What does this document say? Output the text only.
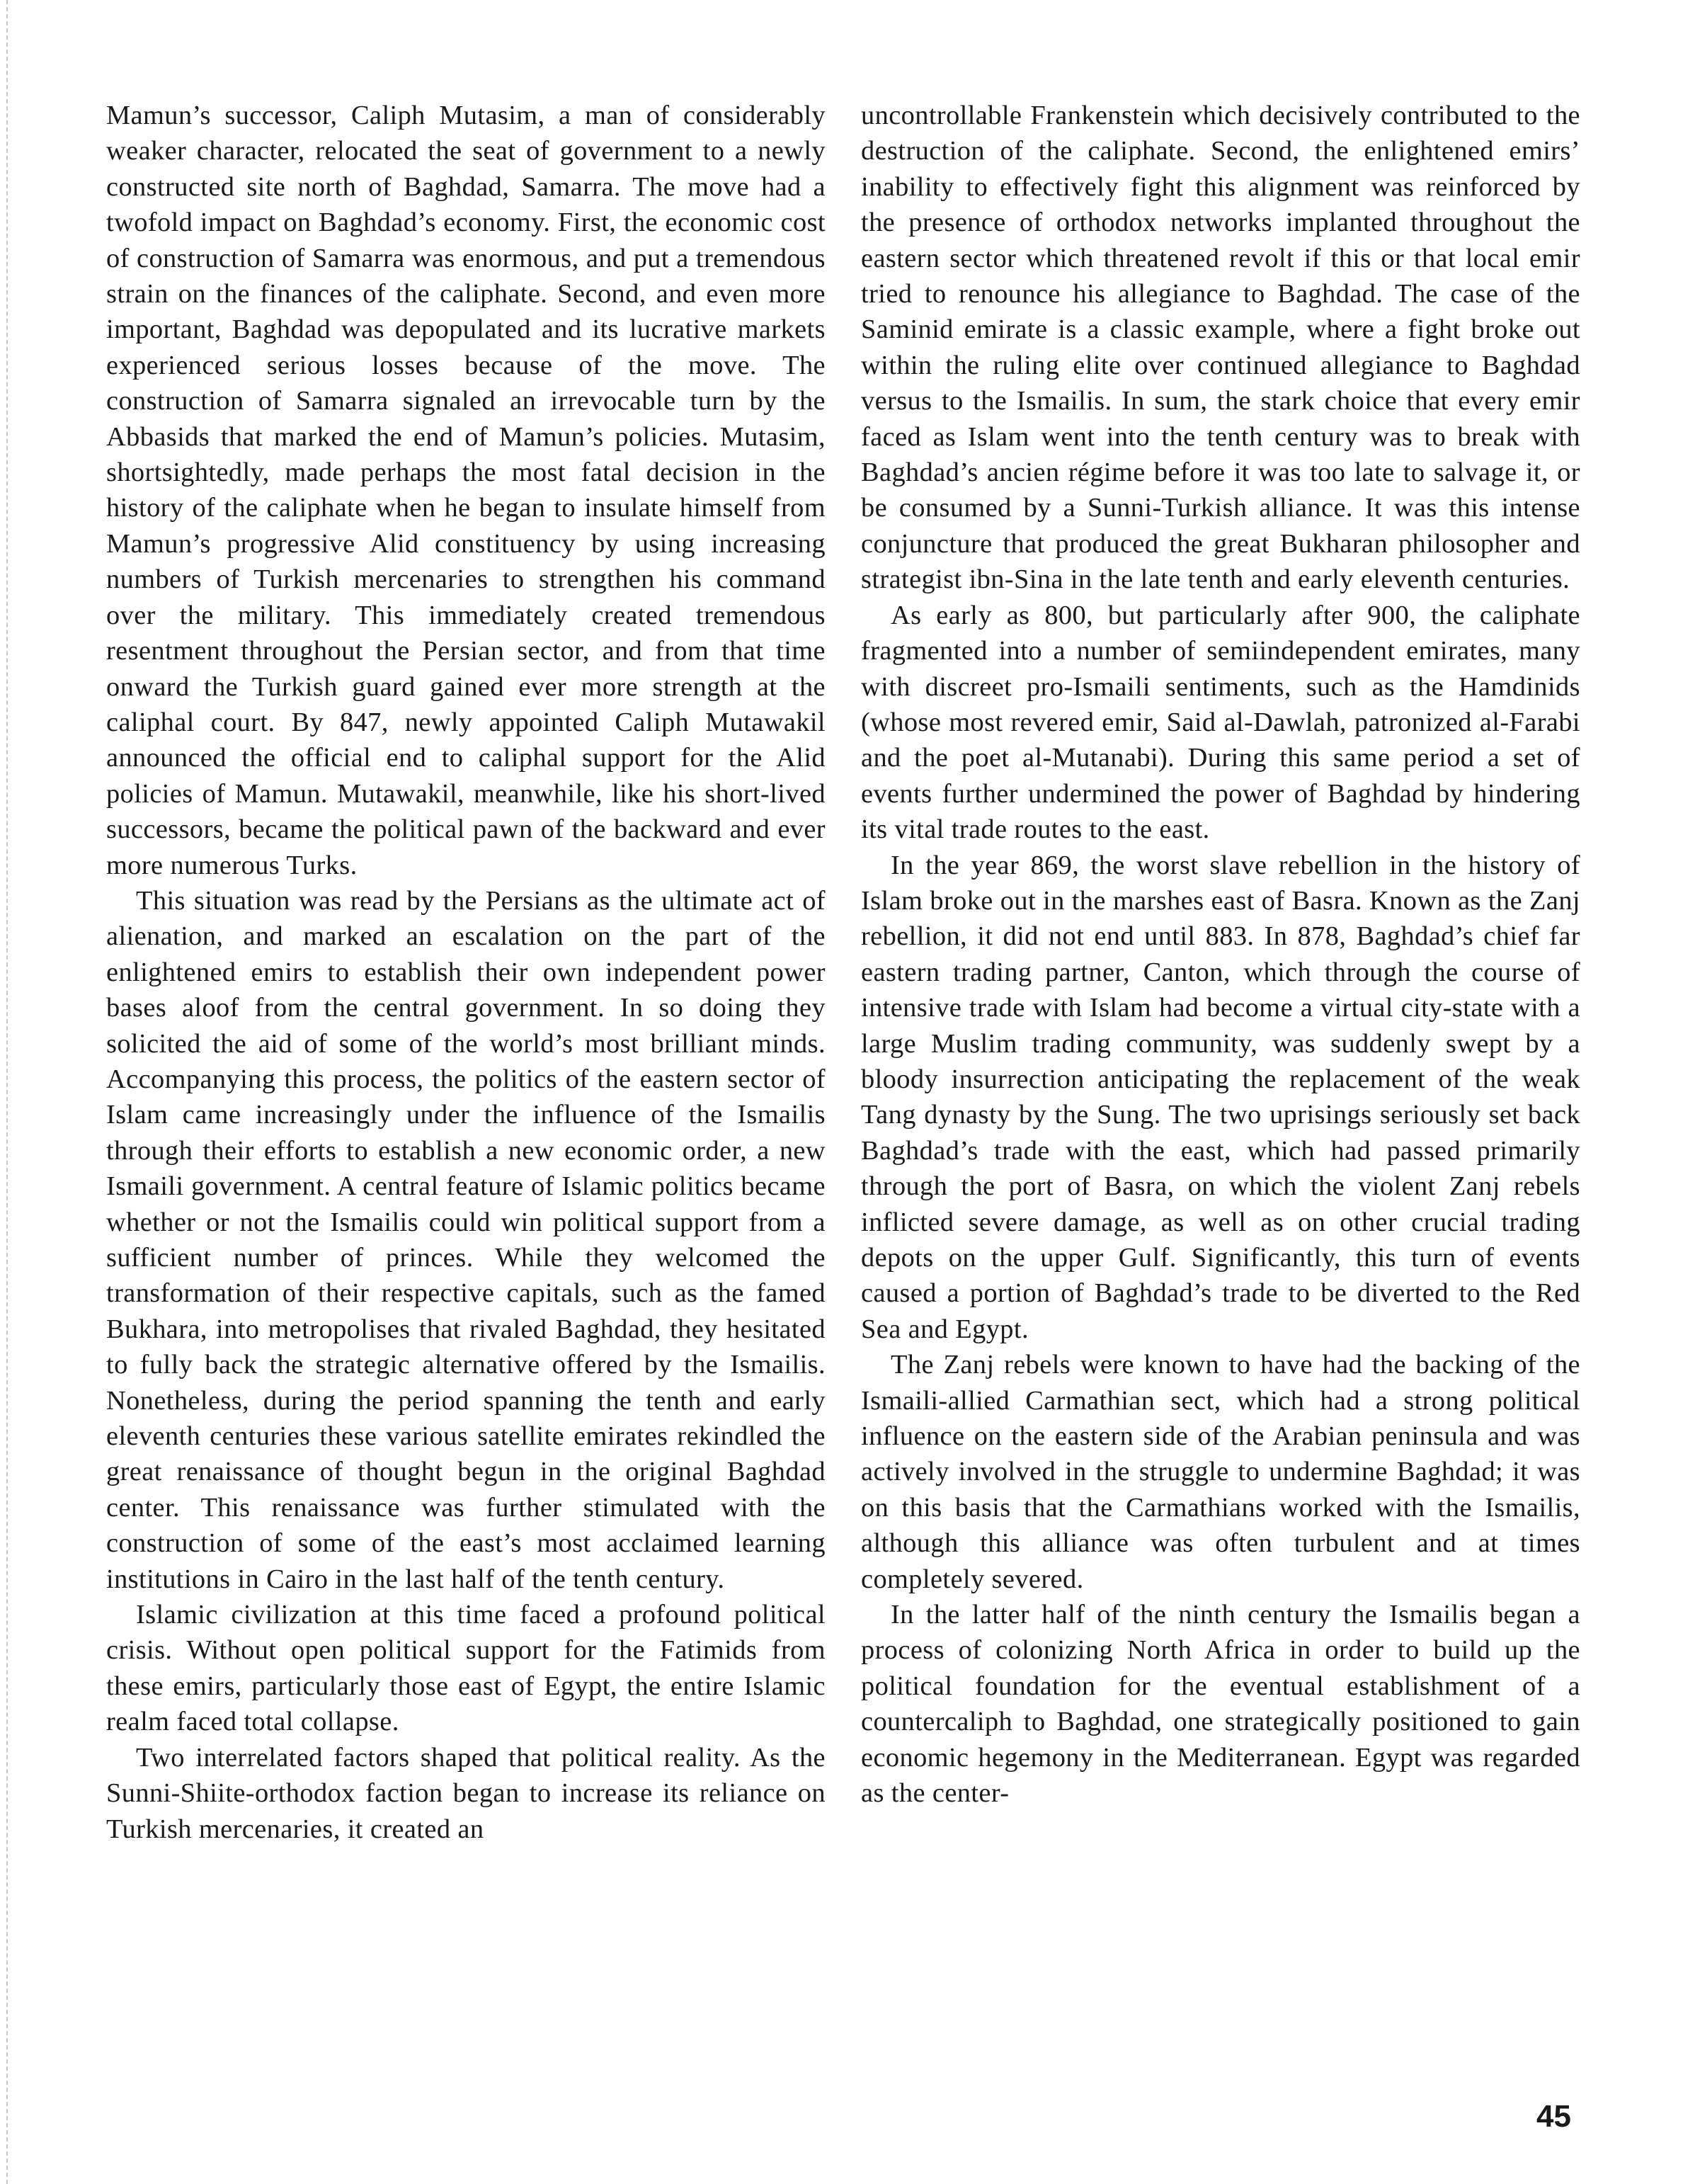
Mamun’s successor, Caliph Mutasim, a man of considerably weaker character, relocated the seat of government to a newly constructed site north of Baghdad, Samarra. The move had a twofold impact on Baghdad’s economy. First, the economic cost of construction of Samarra was enormous, and put a tremendous strain on the finances of the caliphate. Second, and even more important, Baghdad was depopulated and its lucrative markets experienced serious losses because of the move. The construction of Samarra signaled an irrevocable turn by the Abbasids that marked the end of Mamun’s policies. Mutasim, shortsightedly, made perhaps the most fatal decision in the history of the caliphate when he began to insulate himself from Mamun’s progressive Alid constituency by using increasing numbers of Turkish mercenaries to strengthen his command over the military. This immediately created tremendous resentment throughout the Persian sector, and from that time onward the Turkish guard gained ever more strength at the caliphal court. By 847, newly appointed Caliph Mutawakil announced the official end to caliphal support for the Alid policies of Mamun. Mutawakil, meanwhile, like his short-lived successors, became the political pawn of the backward and ever more numerous Turks.

This situation was read by the Persians as the ultimate act of alienation, and marked an escalation on the part of the enlightened emirs to establish their own independent power bases aloof from the central government. In so doing they solicited the aid of some of the world’s most brilliant minds. Accompanying this process, the politics of the eastern sector of Islam came increasingly under the influence of the Ismailis through their efforts to establish a new economic order, a new Ismaili government. A central feature of Islamic politics became whether or not the Ismailis could win political support from a sufficient number of princes. While they welcomed the transformation of their respective capitals, such as the famed Bukhara, into metropolises that rivaled Baghdad, they hesitated to fully back the strategic alternative offered by the Ismailis. Nonetheless, during the period spanning the tenth and early eleventh centuries these various satellite emirates rekindled the great renaissance of thought begun in the original Baghdad center. This renaissance was further stimulated with the construction of some of the east’s most acclaimed learning institutions in Cairo in the last half of the tenth century.

Islamic civilization at this time faced a profound political crisis. Without open political support for the Fatimids from these emirs, particularly those east of Egypt, the entire Islamic realm faced total collapse.

Two interrelated factors shaped that political reality. As the Sunni-Shiite-orthodox faction began to increase its reliance on Turkish mercenaries, it created an

uncontrollable Frankenstein which decisively contributed to the destruction of the caliphate. Second, the enlightened emirs’ inability to effectively fight this alignment was reinforced by the presence of orthodox networks implanted throughout the eastern sector which threatened revolt if this or that local emir tried to renounce his allegiance to Baghdad. The case of the Saminid emirate is a classic example, where a fight broke out within the ruling elite over continued allegiance to Baghdad versus to the Ismailis. In sum, the stark choice that every emir faced as Islam went into the tenth century was to break with Baghdad’s ancien régime before it was too late to salvage it, or be consumed by a Sunni-Turkish alliance. It was this intense conjuncture that produced the great Bukharan philosopher and strategist ibn-Sina in the late tenth and early eleventh centuries.

As early as 800, but particularly after 900, the caliphate fragmented into a number of semiindependent emirates, many with discreet pro-Ismaili sentiments, such as the Hamdinids (whose most revered emir, Said al-Dawlah, patronized al-Farabi and the poet al-Mutanabi). During this same period a set of events further undermined the power of Baghdad by hindering its vital trade routes to the east.

In the year 869, the worst slave rebellion in the history of Islam broke out in the marshes east of Basra. Known as the Zanj rebellion, it did not end until 883. In 878, Baghdad’s chief far eastern trading partner, Canton, which through the course of intensive trade with Islam had become a virtual city-state with a large Muslim trading community, was suddenly swept by a bloody insurrection anticipating the replacement of the weak Tang dynasty by the Sung. The two uprisings seriously set back Baghdad’s trade with the east, which had passed primarily through the port of Basra, on which the violent Zanj rebels inflicted severe damage, as well as on other crucial trading depots on the upper Gulf. Significantly, this turn of events caused a portion of Baghdad’s trade to be diverted to the Red Sea and Egypt.

The Zanj rebels were known to have had the backing of the Ismaili-allied Carmathian sect, which had a strong political influence on the eastern side of the Arabian peninsula and was actively involved in the struggle to undermine Baghdad; it was on this basis that the Carmathians worked with the Ismailis, although this alliance was often turbulent and at times completely severed.

In the latter half of the ninth century the Ismailis began a process of colonizing North Africa in order to build up the political foundation for the eventual establishment of a countercaliph to Baghdad, one strategically positioned to gain economic hegemony in the Mediterranean. Egypt was regarded as the center-

45
